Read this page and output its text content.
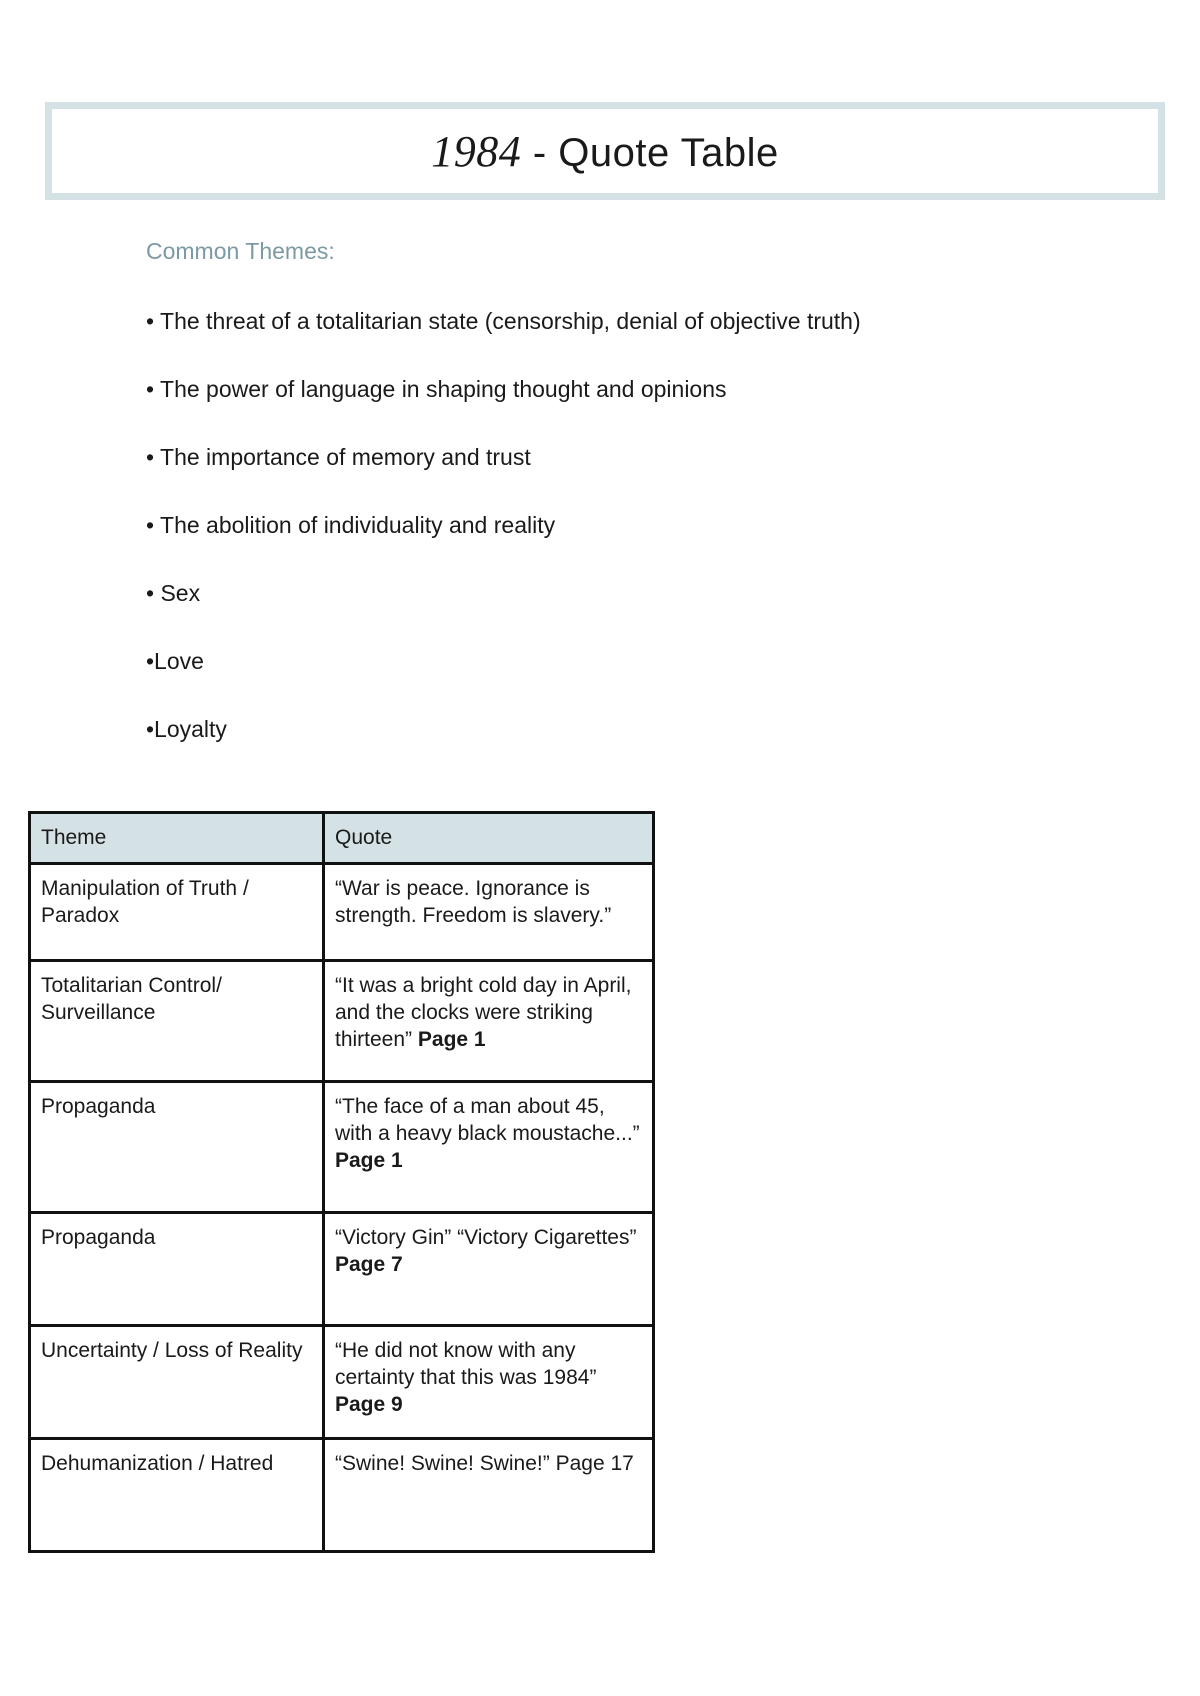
1984 - Quote Table
Common Themes:
• The threat of a totalitarian state (censorship, denial of objective truth)
• The power of language in shaping thought and opinions
• The importance of memory and trust
• The abolition of individuality and reality
• Sex
•Love
•Loyalty
Theme	Quote
Manipulation of Truth / Paradox	“War is peace. Ignorance is strength. Freedom is slavery.”
Totalitarian Control/ Surveillance	“It was a bright cold day in April, and the clocks were striking thirteen” Page 1
Propaganda	“The face of a man about 45, with a heavy black moustache...”
Page 1
Propaganda	“Victory Gin” “Victory Cigarettes”
Page 7
Uncertainty / Loss of Reality	“He did not know with any certainty that this was 1984”
Page 9
Dehumanization / Hatred	“Swine! Swine! Swine!” Page 17
